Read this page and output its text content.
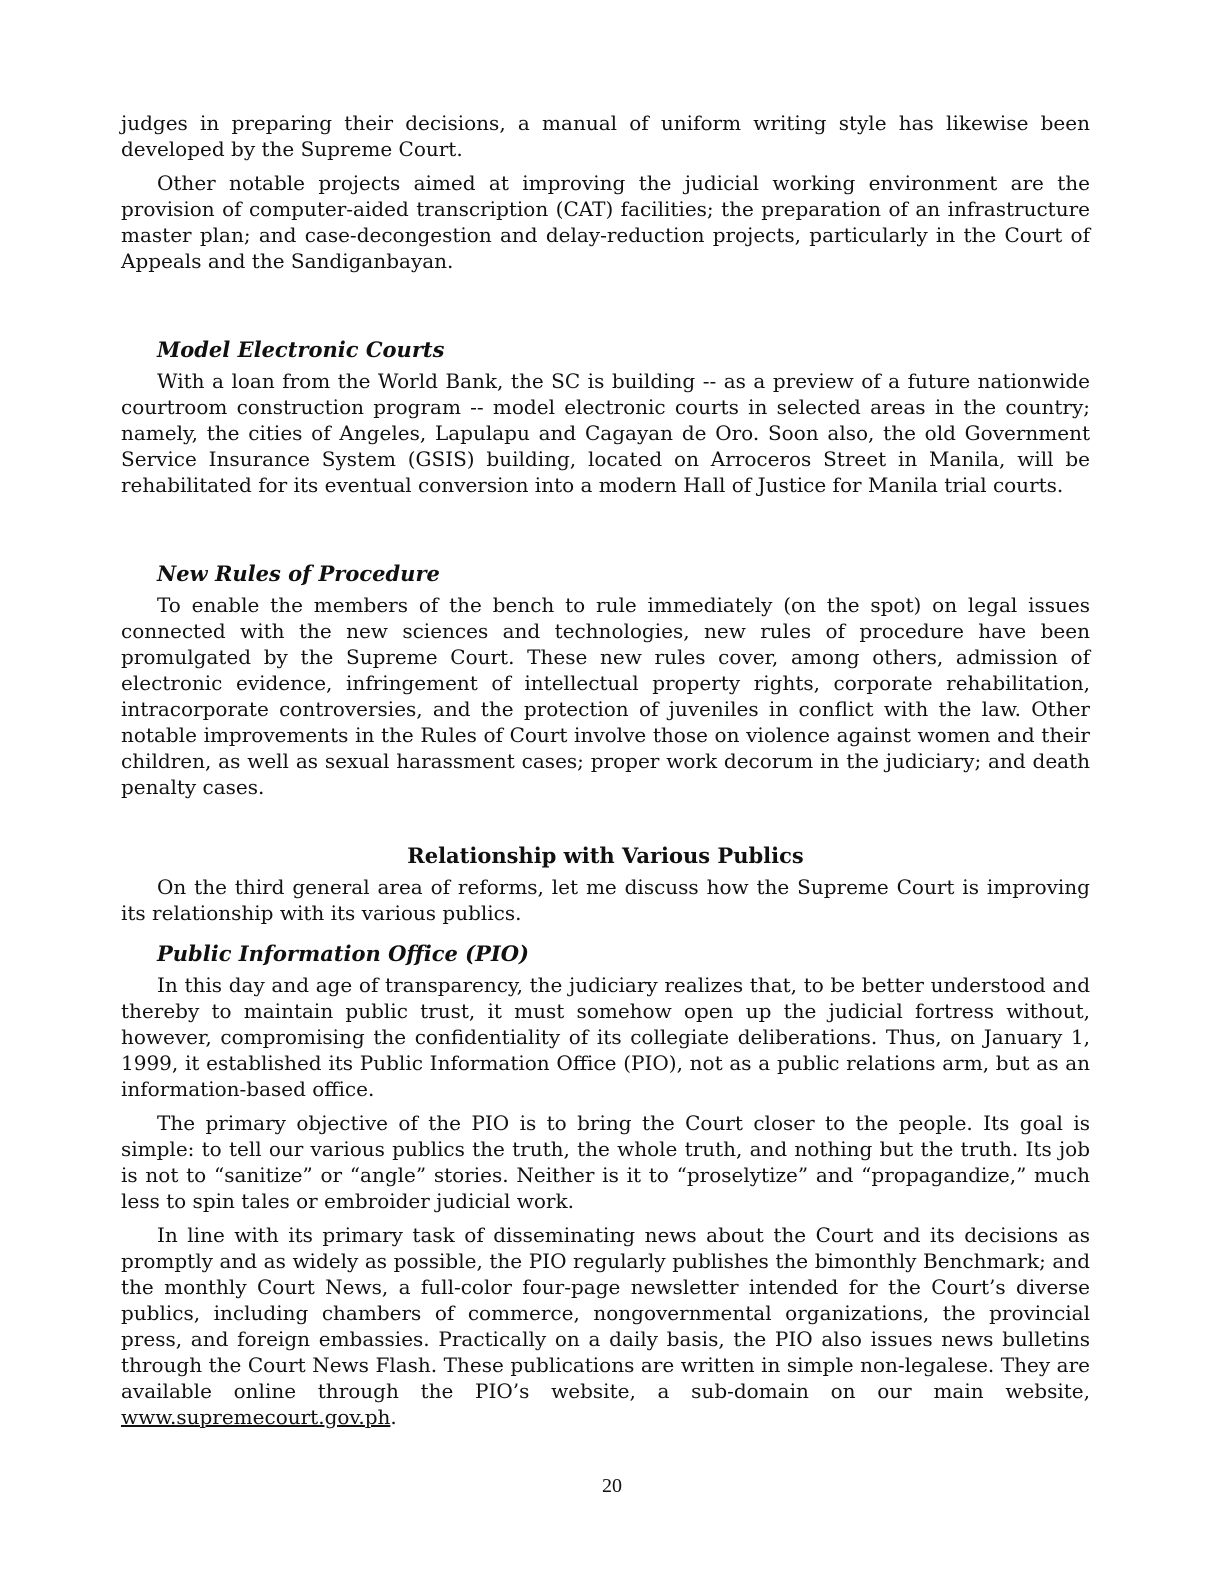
judges in preparing their decisions, a manual of uniform writing style has likewise been developed by the Supreme Court.

Other notable projects aimed at improving the judicial working environment are the provision of computer-aided transcription (CAT) facilities; the preparation of an infrastructure master plan; and case-decongestion and delay-reduction projects, particularly in the Court of Appeals and the Sandiganbayan.

Model Electronic Courts

With a loan from the World Bank, the SC is building -- as a preview of a future nationwide courtroom construction program -- model electronic courts in selected areas in the country; namely, the cities of Angeles, Lapulapu and Cagayan de Oro. Soon also, the old Government Service Insurance System (GSIS) building, located on Arroceros Street in Manila, will be rehabilitated for its eventual conversion into a modern Hall of Justice for Manila trial courts.

New Rules of Procedure

To enable the members of the bench to rule immediately (on the spot) on legal issues connected with the new sciences and technologies, new rules of procedure have been promulgated by the Supreme Court. These new rules cover, among others, admission of electronic evidence, infringement of intellectual property rights, corporate rehabilitation, intracorporate controversies, and the protection of juveniles in conflict with the law. Other notable improvements in the Rules of Court involve those on violence against women and their children, as well as sexual harassment cases; proper work decorum in the judiciary; and death penalty cases.

Relationship with Various Publics

On the third general area of reforms, let me discuss how the Supreme Court is improving its relationship with its various publics.

Public Information Office (PIO)

In this day and age of transparency, the judiciary realizes that, to be better understood and thereby to maintain public trust, it must somehow open up the judicial fortress without, however, compromising the confidentiality of its collegiate deliberations. Thus, on January 1, 1999, it established its Public Information Office (PIO), not as a public relations arm, but as an information-based office.

The primary objective of the PIO is to bring the Court closer to the people. Its goal is simple: to tell our various publics the truth, the whole truth, and nothing but the truth. Its job is not to “sanitize” or “angle” stories. Neither is it to “proselytize” and “propagandize,” much less to spin tales or embroider judicial work.

In line with its primary task of disseminating news about the Court and its decisions as promptly and as widely as possible, the PIO regularly publishes the bimonthly Benchmark; and the monthly Court News, a full-color four-page newsletter intended for the Court’s diverse publics, including chambers of commerce, nongovernmental organizations, the provincial press, and foreign embassies. Practically on a daily basis, the PIO also issues news bulletins through the Court News Flash. These publications are written in simple non-legalese. They are available online through the PIO’s website, a sub-domain on our main website, www.supremecourt.gov.ph.

20
